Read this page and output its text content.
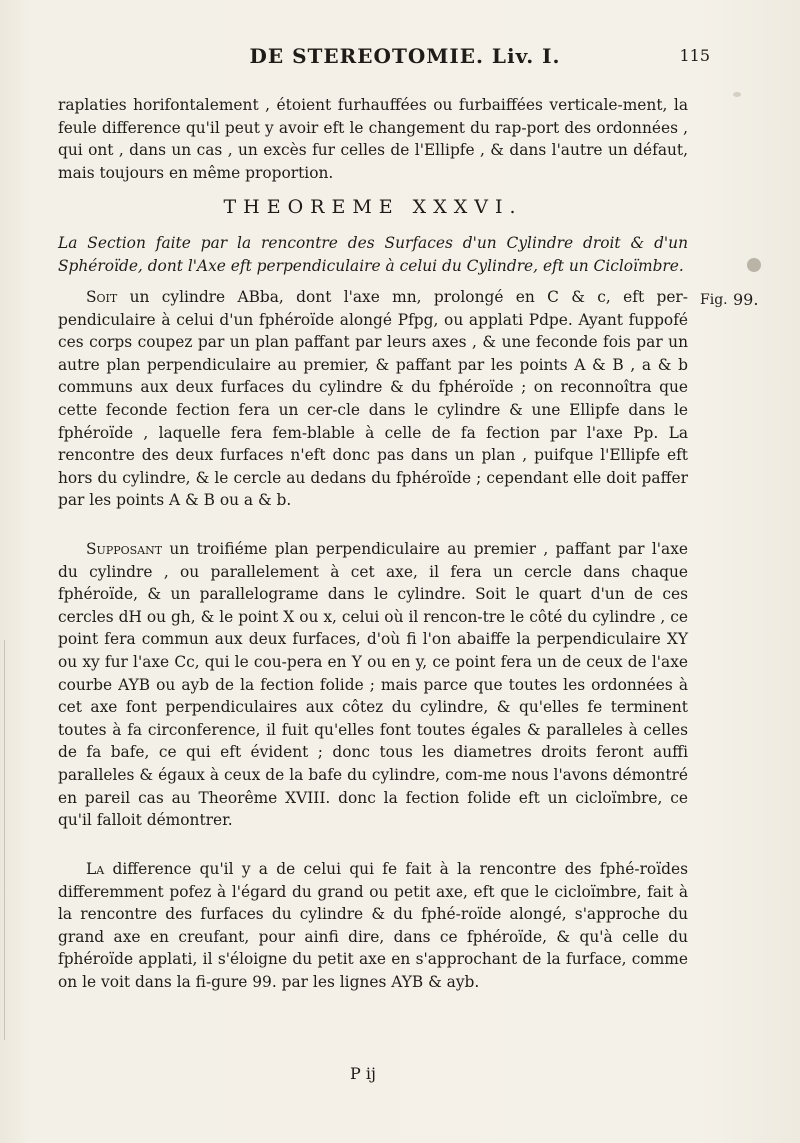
DE STEREOTOMIE. Liv. I.	115

raplaties horifontalement , étoient furhauffées ou furbaiffées verticale-ment, la feule difference qu'il peut y avoir eft le changement du rap-port des ordonnées , qui ont , dans un cas , un excès fur celles de l'Ellipfe , & dans l'autre un défaut, mais toujours en même proportion.

THEOREME XXXVI.
La Section faite par la rencontre des Surfaces d'un Cylindre droit & d'un Sphéroïde, dont l'Axe eft perpendiculaire à celui du Cylindre, eft un Cicloïmbre.

Soit un cylindre ABba, dont l'axe mn, prolongé en C & c, eft per-pendiculaire à celui d'un fphéroïde alongé Pfpg, ou applati Pdpe. Ayant fuppofé ces corps coupez par un plan paffant par leurs axes , & une feconde fois par un autre plan perpendiculaire au premier, & paffant par les points A & B , a & b communs aux deux furfaces du cylindre & du fphéroïde ; on reconnoîtra que cette feconde fection fera un cer-cle dans le cylindre & une Ellipfe dans le fphéroïde , laquelle fera fem-blable à celle de fa fection par l'axe Pp. La rencontre des deux furfaces n'eft donc pas dans un plan , puifque l'Ellipfe eft hors du cylindre, & le cercle au dedans du fphéroïde ; cependant elle doit paffer par les points A & B ou a & b.

Fig. 99.

Supposant un troifiéme plan perpendiculaire au premier , paffant par l'axe du cylindre , ou parallelement à cet axe, il fera un cercle dans chaque fphéroïde, & un parallelograme dans le cylindre. Soit le quart d'un de ces cercles dH ou gh, & le point X ou x, celui où il rencon-tre le côté du cylindre , ce point fera commun aux deux furfaces, d'où fi l'on abaiffe la perpendiculaire XY ou xy fur l'axe Cc, qui le cou-pera en Y ou en y, ce point fera un de ceux de l'axe courbe AYB ou ayb de la fection folide ; mais parce que toutes les ordonnées à cet axe font perpendiculaires aux côtez du cylindre, & qu'elles fe terminent toutes à fa circonference, il fuit qu'elles font toutes égales & paralleles à celles de fa bafe, ce qui eft évident ; donc tous les diametres droits feront auffi paralleles & égaux à ceux de la bafe du cylindre, com-me nous l'avons démontré en pareil cas au Theorême XVIII. donc la fection folide eft un cicloïmbre, ce qu'il falloit démontrer.

La difference qu'il y a de celui qui fe fait à la rencontre des fphé-roïdes differemment pofez à l'égard du grand ou petit axe, eft que le cicloïmbre, fait à la rencontre des furfaces du cylindre & du fphé-roïde alongé, s'approche du grand axe en creufant, pour ainfi dire, dans ce fphéroïde, & qu'à celle du fphéroïde applati, il s'éloigne du petit axe en s'approchant de la furface, comme on le voit dans la fi-gure 99. par les lignes AYB & ayb.

P ij
